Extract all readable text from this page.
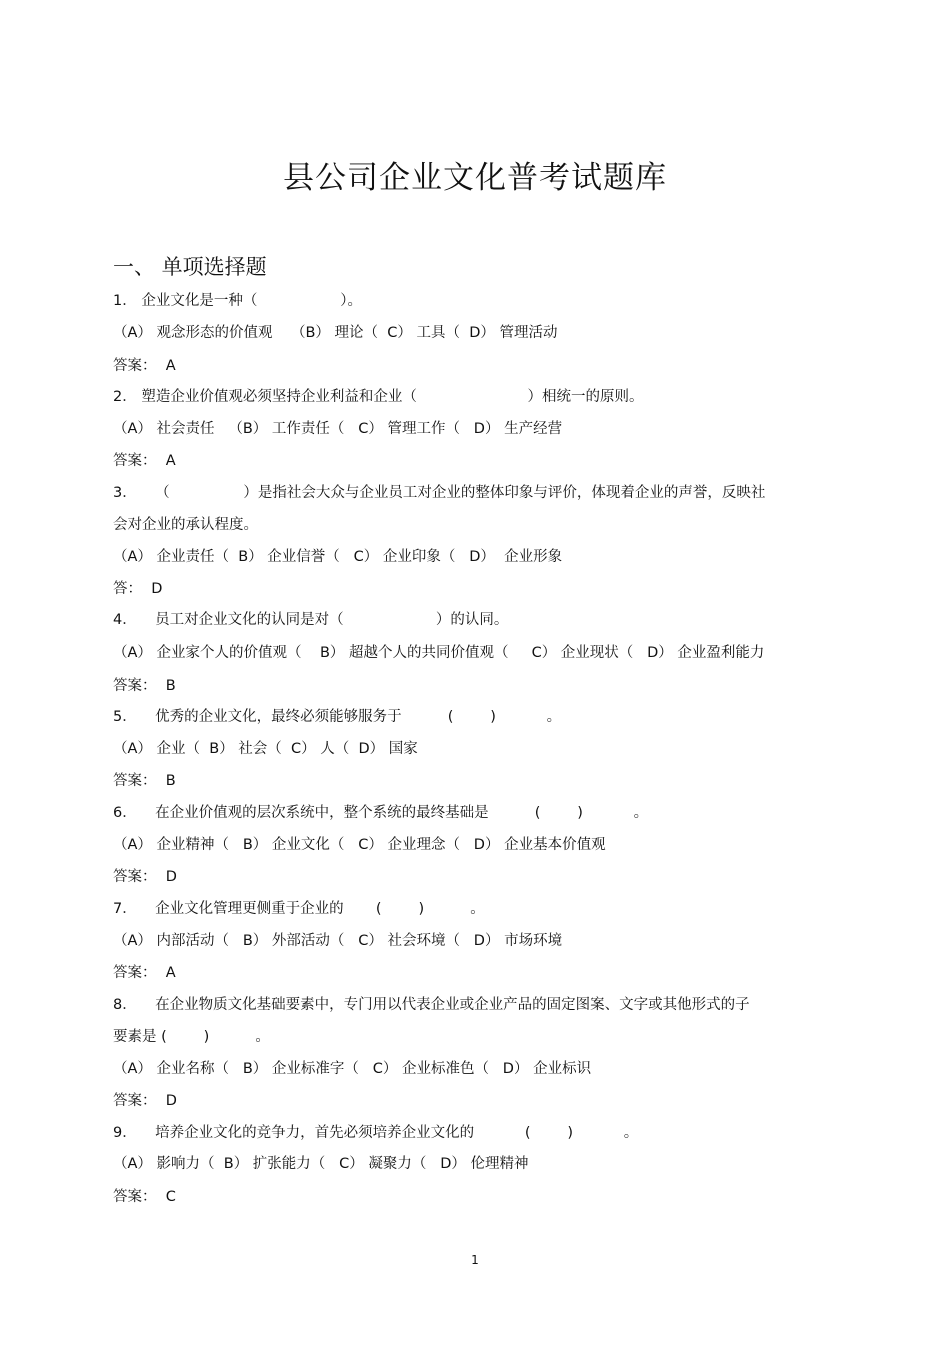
县公司企业文化普考试题库
一、 单项选择题
1． 企业文化是一种（                  ）。
（A） 观念形态的价值观    （B） 理论（  C） 工具（  D） 管理活动
答案：  A
2． 塑造企业价值观必须坚持企业利益和企业（                        ）相统一的原则。
（A） 社会责任   （B） 工作责任（   C） 管理工作（   D） 生产经营
答案：  A
3．    （                ）是指社会大众与企业员工对企业的整体印象与评价，体现着企业的声誉，反映社
会对企业的承认程度。
（A） 企业责任（  B） 企业信誉（   C） 企业印象（   D）  企业形象
答：  D
4．    员工对企业文化的认同是对（                    ）的认同。
（A） 企业家个人的价值观（    B） 超越个人的共同价值观（     C） 企业现状（   D） 企业盈利能力
答案：  B
5．    优秀的企业文化，最终必须能够服务于          (        )           。
（A） 企业（  B） 社会（  C） 人（  D） 国家
答案：  B
6．    在企业价值观的层次系统中，整个系统的最终基础是          (        )           。
（A） 企业精神（   B） 企业文化（   C） 企业理念（   D） 企业基本价值观
答案：  D
7．    企业文化管理更侧重于企业的       (        )          。
（A） 内部活动（   B） 外部活动（   C） 社会环境（   D） 市场环境
答案：  A
8．    在企业物质文化基础要素中，专门用以代表企业或企业产品的固定图案、文字或其他形式的子
要素是 (        )          。
（A） 企业名称（   B） 企业标准字（   C） 企业标准色（   D） 企业标识
答案：  D
9．    培养企业文化的竞争力，首先必须培养企业文化的           (        )           。
（A） 影响力（  B） 扩张能力（   C） 凝聚力（   D） 伦理精神
答案：  C
1
